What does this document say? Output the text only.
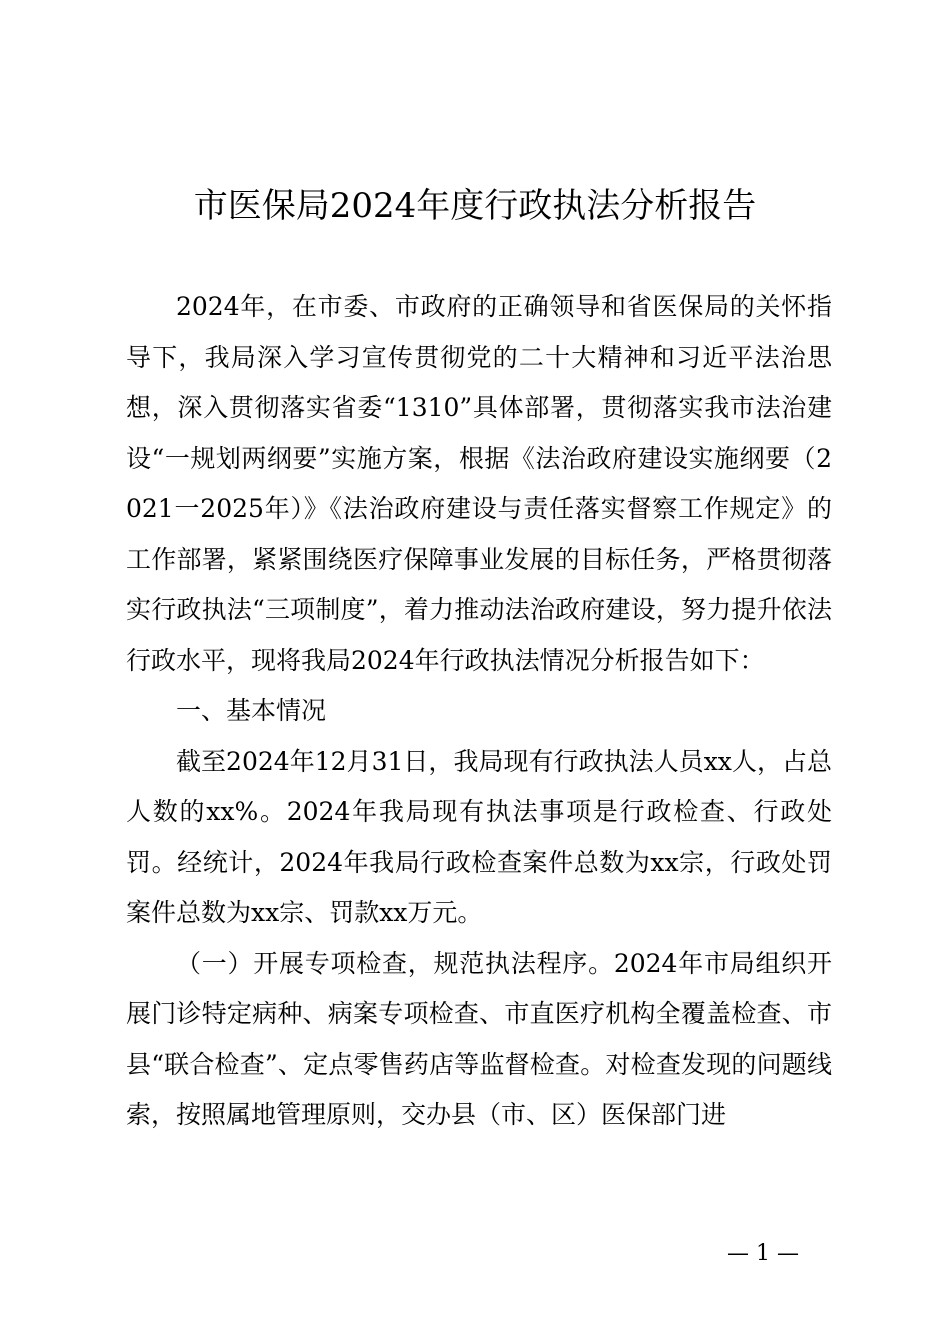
市医保局2024年度行政执法分析报告

2024年，在市委、市政府的正确领导和省医保局的关怀指导下，我局深入学习宣传贯彻党的二十大精神和习近平法治思想，深入贯彻落实省委“1310”具体部署，贯彻落实我市法治建设“一规划两纲要”实施方案，根据《法治政府建设实施纲要（2021一2025年）》《法治政府建设与责任落实督察工作规定》的工作部署，紧紧围绕医疗保障事业发展的目标任务，严格贯彻落实行政执法“三项制度”，着力推动法治政府建设，努力提升依法行政水平，现将我局2024年行政执法情况分析报告如下：

一、基本情况

截至2024年12月31日，我局现有行政执法人员xx人，占总人数的xx%。2024年我局现有执法事项是行政检查、行政处罚。经统计，2024年我局行政检查案件总数为xx宗，行政处罚案件总数为xx宗、罚款xx万元。

（一）开展专项检查，规范执法程序。2024年市局组织开展门诊特定病种、病案专项检查、市直医疗机构全覆盖检查、市县“联合检查”、定点零售药店等监督检查。对检查发现的问题线索，按照属地管理原则，交办县（市、区）医保部门进

— 1 —
